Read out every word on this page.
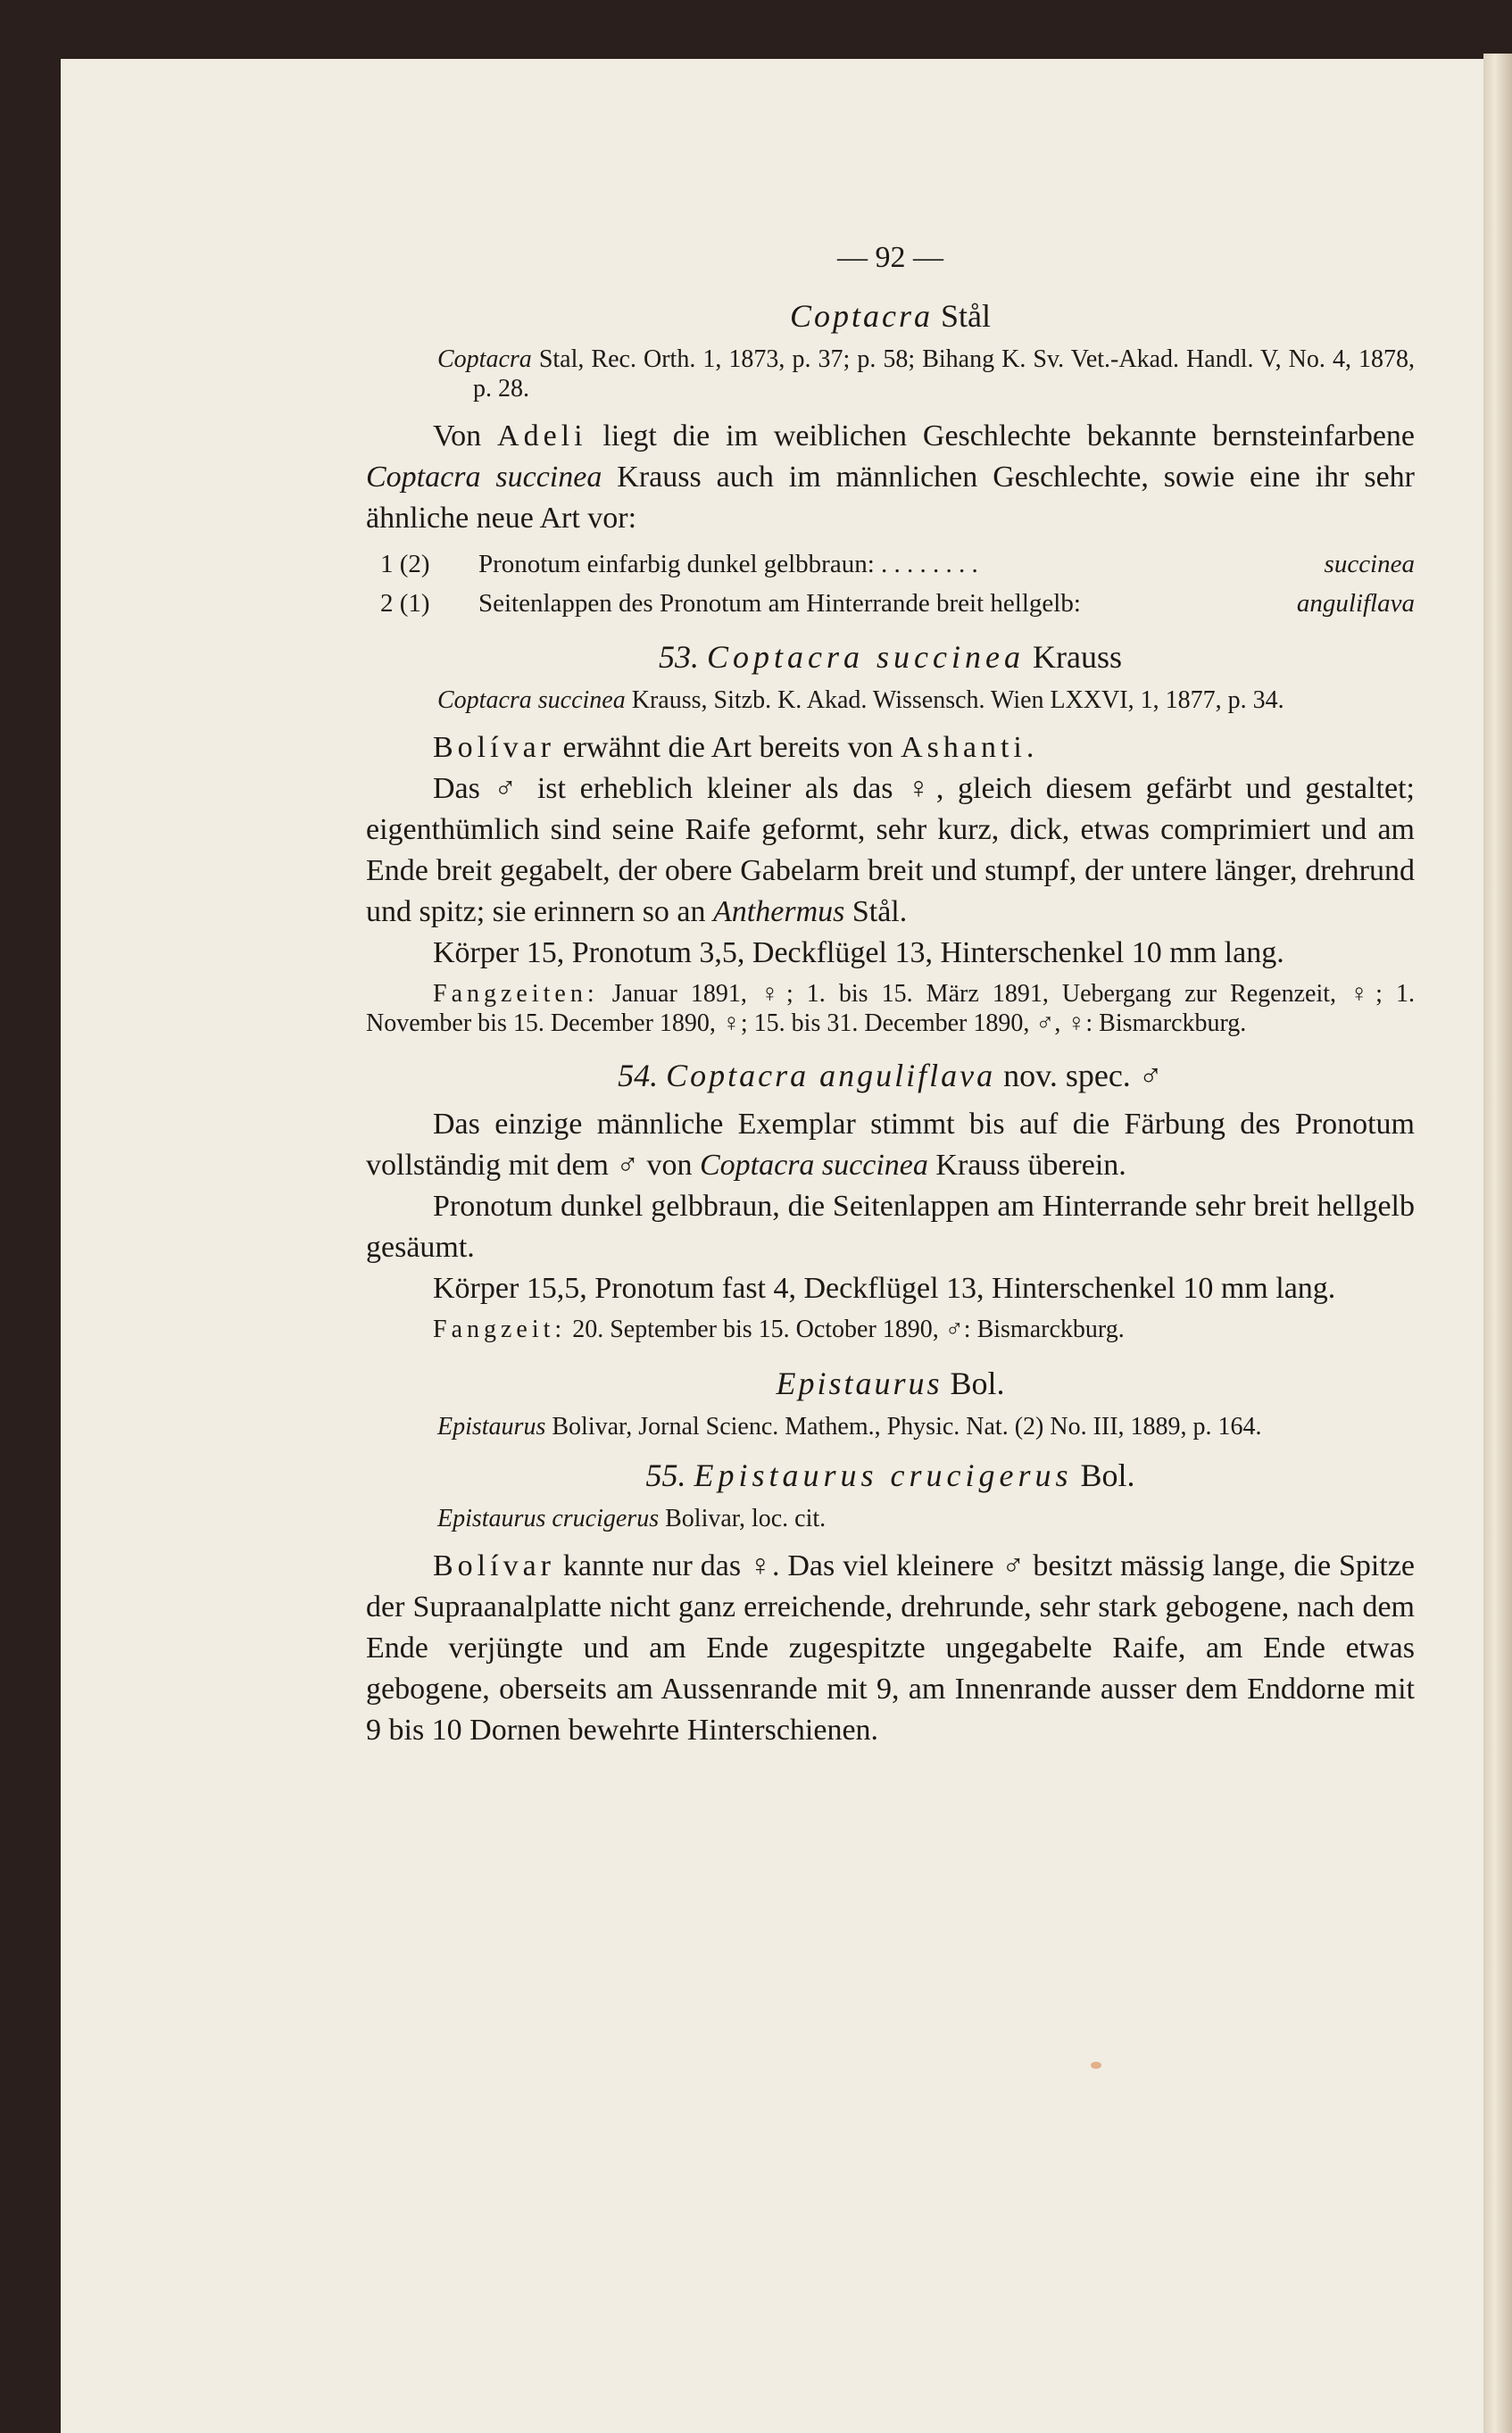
— 92 —
Coptacra Stål

Coptacra Stal, Rec. Orth. 1, 1873, p. 37; p. 58; Bihang K. Sv. Vet.-Akad. Handl. V, No. 4, 1878, p. 28.

Von Adeli liegt die im weiblichen Geschlechte bekannte bernsteinfarbene Coptacra succinea Krauss auch im männlichen Geschlechte, sowie eine ihr sehr ähnliche neue Art vor:

1 (2)	Pronotum einfarbig dunkel gelbbraun: . . . . . . . .	succinea
2 (1)	Seitenlappen des Pronotum am Hinterrande breit hellgelb:	anguliflava
53. Coptacra succinea Krauss

Coptacra succinea Krauss, Sitzb. K. Akad. Wissensch. Wien LXXVI, 1, 1877, p. 34.

Bolívar erwähnt die Art bereits von Ashanti.

Das ♂ ist erheblich kleiner als das ♀, gleich diesem gefärbt und gestaltet; eigenthümlich sind seine Raife geformt, sehr kurz, dick, etwas comprimiert und am Ende breit gegabelt, der obere Gabelarm breit und stumpf, der untere länger, drehrund und spitz; sie erinnern so an Anthermus Stål.

Körper 15, Pronotum 3,5, Deckflügel 13, Hinterschenkel 10 mm lang.

Fangzeiten: Januar 1891, ♀; 1. bis 15. März 1891, Uebergang zur Regenzeit, ♀; 1. November bis 15. December 1890, ♀; 15. bis 31. December 1890, ♂, ♀: Bismarckburg.

54. Coptacra anguliflava nov. spec. ♂

Das einzige männliche Exemplar stimmt bis auf die Färbung des Pronotum vollständig mit dem ♂ von Coptacra succinea Krauss überein.

Pronotum dunkel gelbbraun, die Seitenlappen am Hinterrande sehr breit hellgelb gesäumt.

Körper 15,5, Pronotum fast 4, Deckflügel 13, Hinterschenkel 10 mm lang.

Fangzeit: 20. September bis 15. October 1890, ♂: Bismarckburg.

Epistaurus Bol.

Epistaurus Bolivar, Jornal Scienc. Mathem., Physic. Nat. (2) No. III, 1889, p. 164.

55. Epistaurus crucigerus Bol.

Epistaurus crucigerus Bolivar, loc. cit.

Bolívar kannte nur das ♀. Das viel kleinere ♂ besitzt mässig lange, die Spitze der Supraanalplatte nicht ganz erreichende, drehrunde, sehr stark gebogene, nach dem Ende verjüngte und am Ende zugespitzte ungegabelte Raife, am Ende etwas gebogene, oberseits am Aussenrande mit 9, am Innenrande ausser dem Enddorne mit 9 bis 10 Dornen bewehrte Hinterschienen.
